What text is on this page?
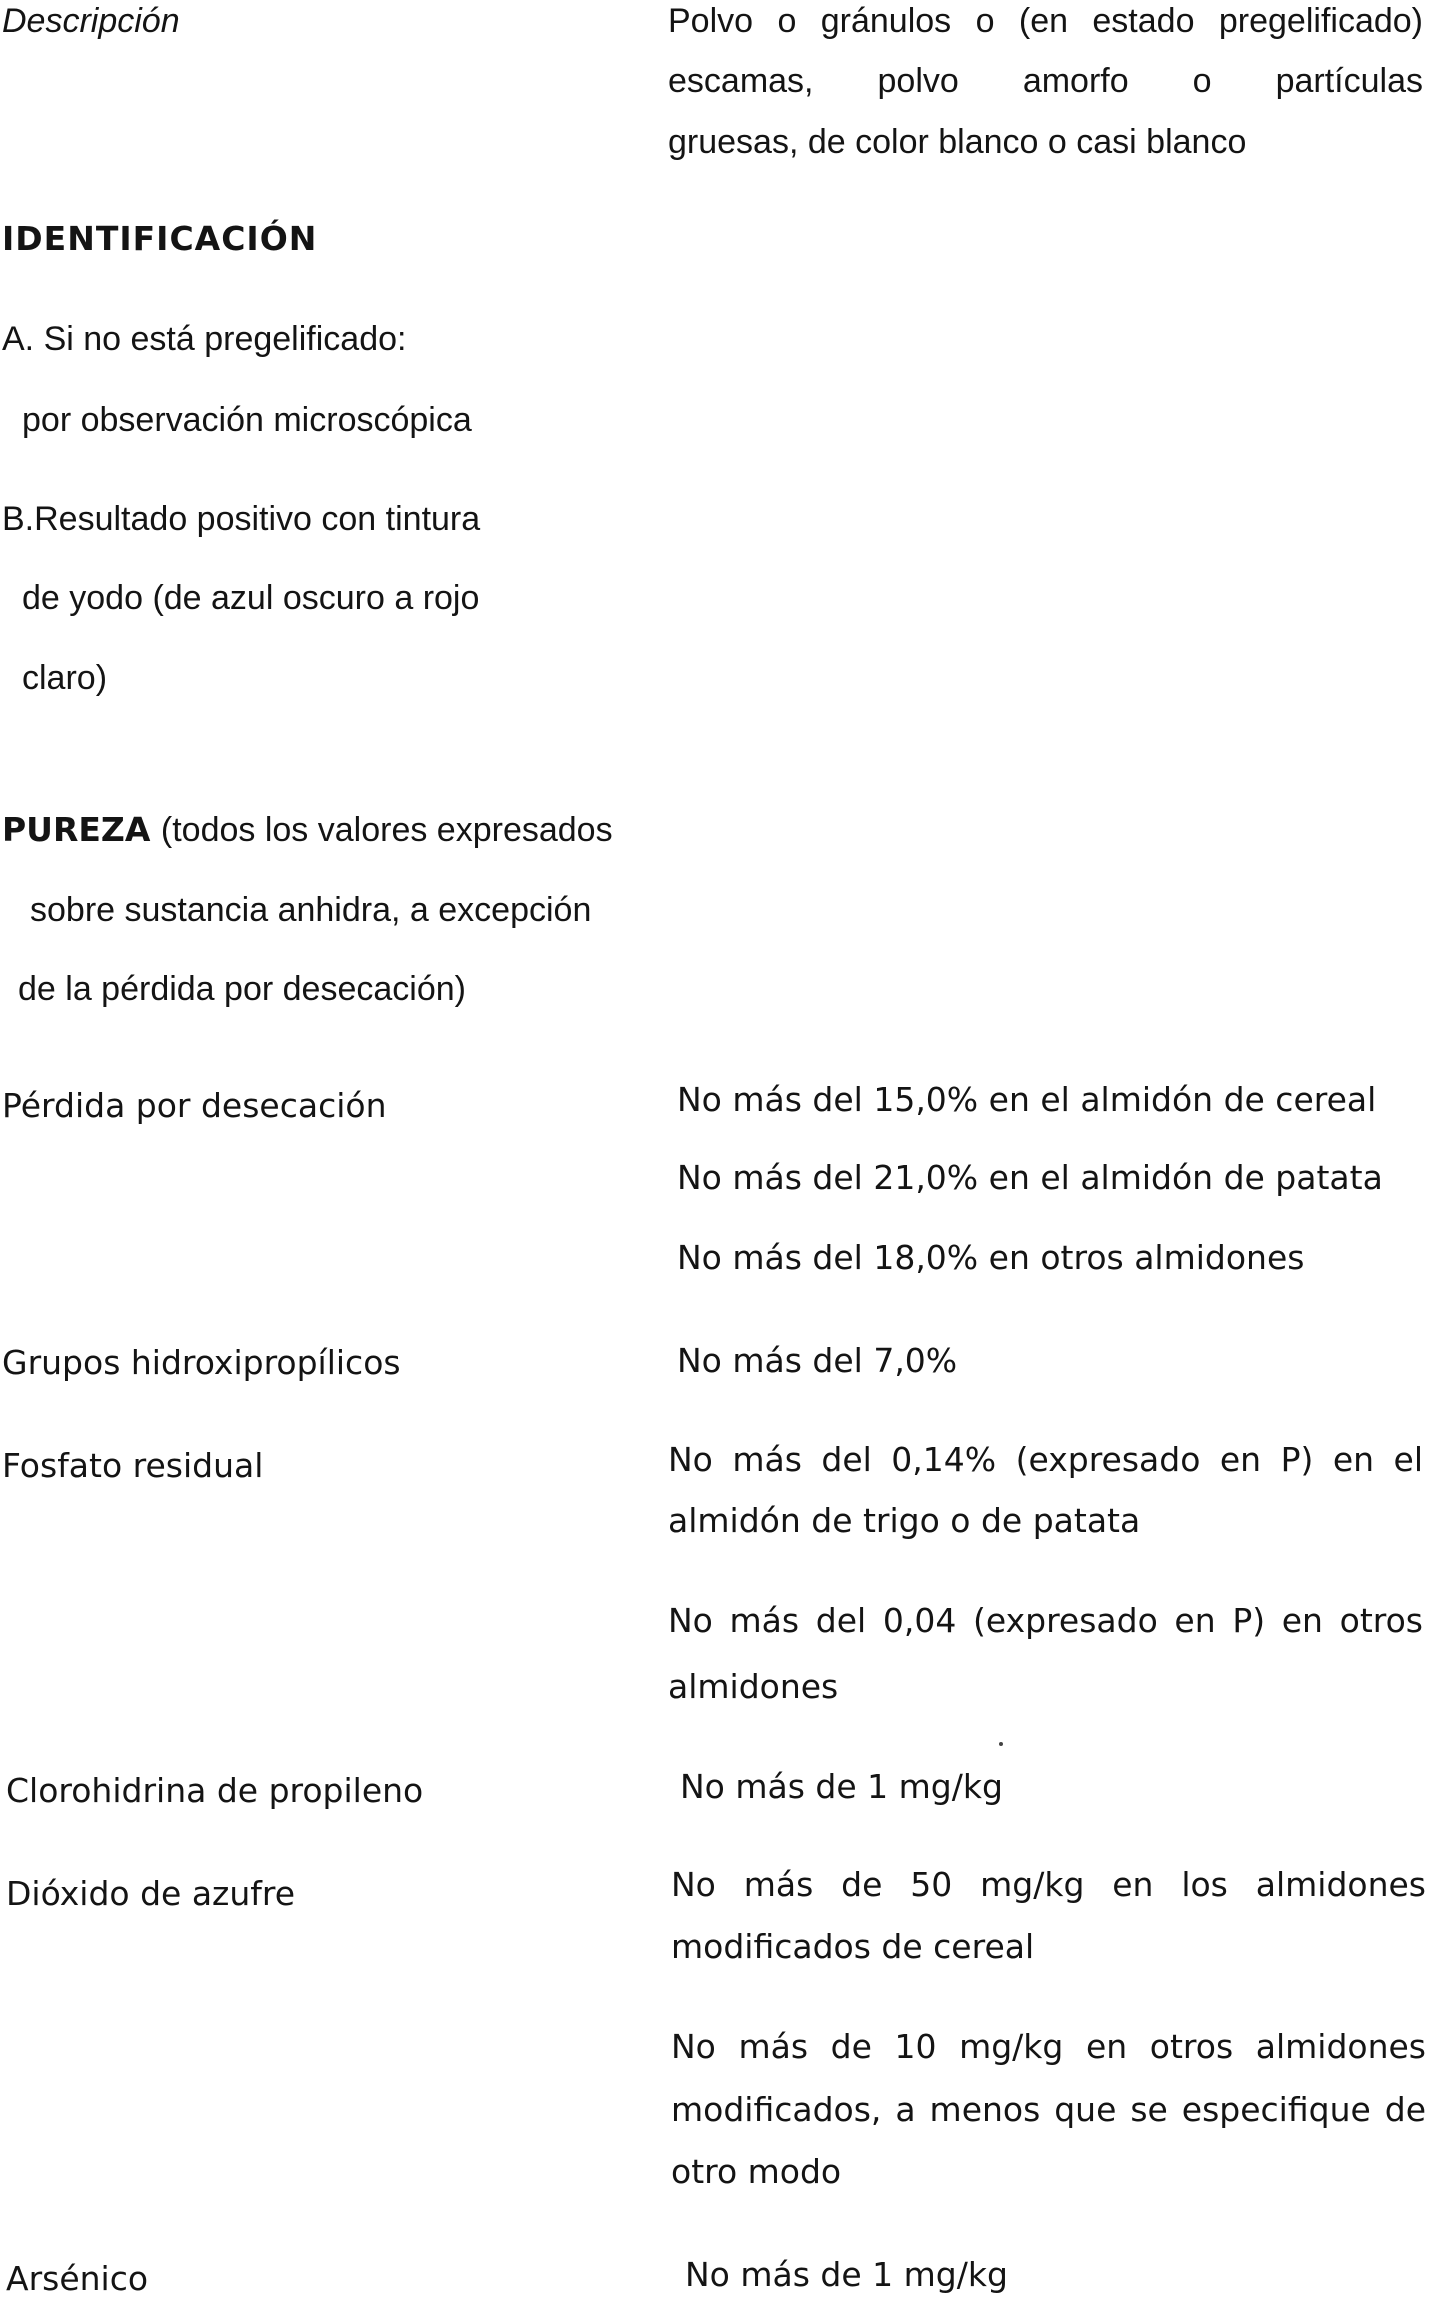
Descripción	Polvo o gránulos o (en estado pregelificado)
escamas, polvo amorfo o partículas
gruesas, de color blanco o casi blanco
IDENTIFICACIÓN
A. Si no está pregelificado:
por observación microscópica
B.Resultado positivo con tintura
de yodo (de azul oscuro a rojo
claro)
PUREZA (todos los valores expresados
sobre sustancia anhidra, a excepción
de la pérdida por desecación)
Pérdida por desecación	No más del 15,0% en el almidón de cereal
No más del 21,0% en el almidón de patata
No más del 18,0% en otros almidones
Grupos hidroxipropílicos	No más del 7,0%
Fosfato residual	No más del 0,14% (expresado en P) en el
almidón de trigo o de patata
No más del 0,04 (expresado en P) en otros
almidones
Clorohidrina de propileno	No más de 1 mg/kg
Dióxido de azufre	No más de 50 mg/kg en los almidones
modificados de cereal
No más de 10 mg/kg en otros almidones
modificados, a menos que se especifique de
otro modo
Arsénico	No más de 1 mg/kg
